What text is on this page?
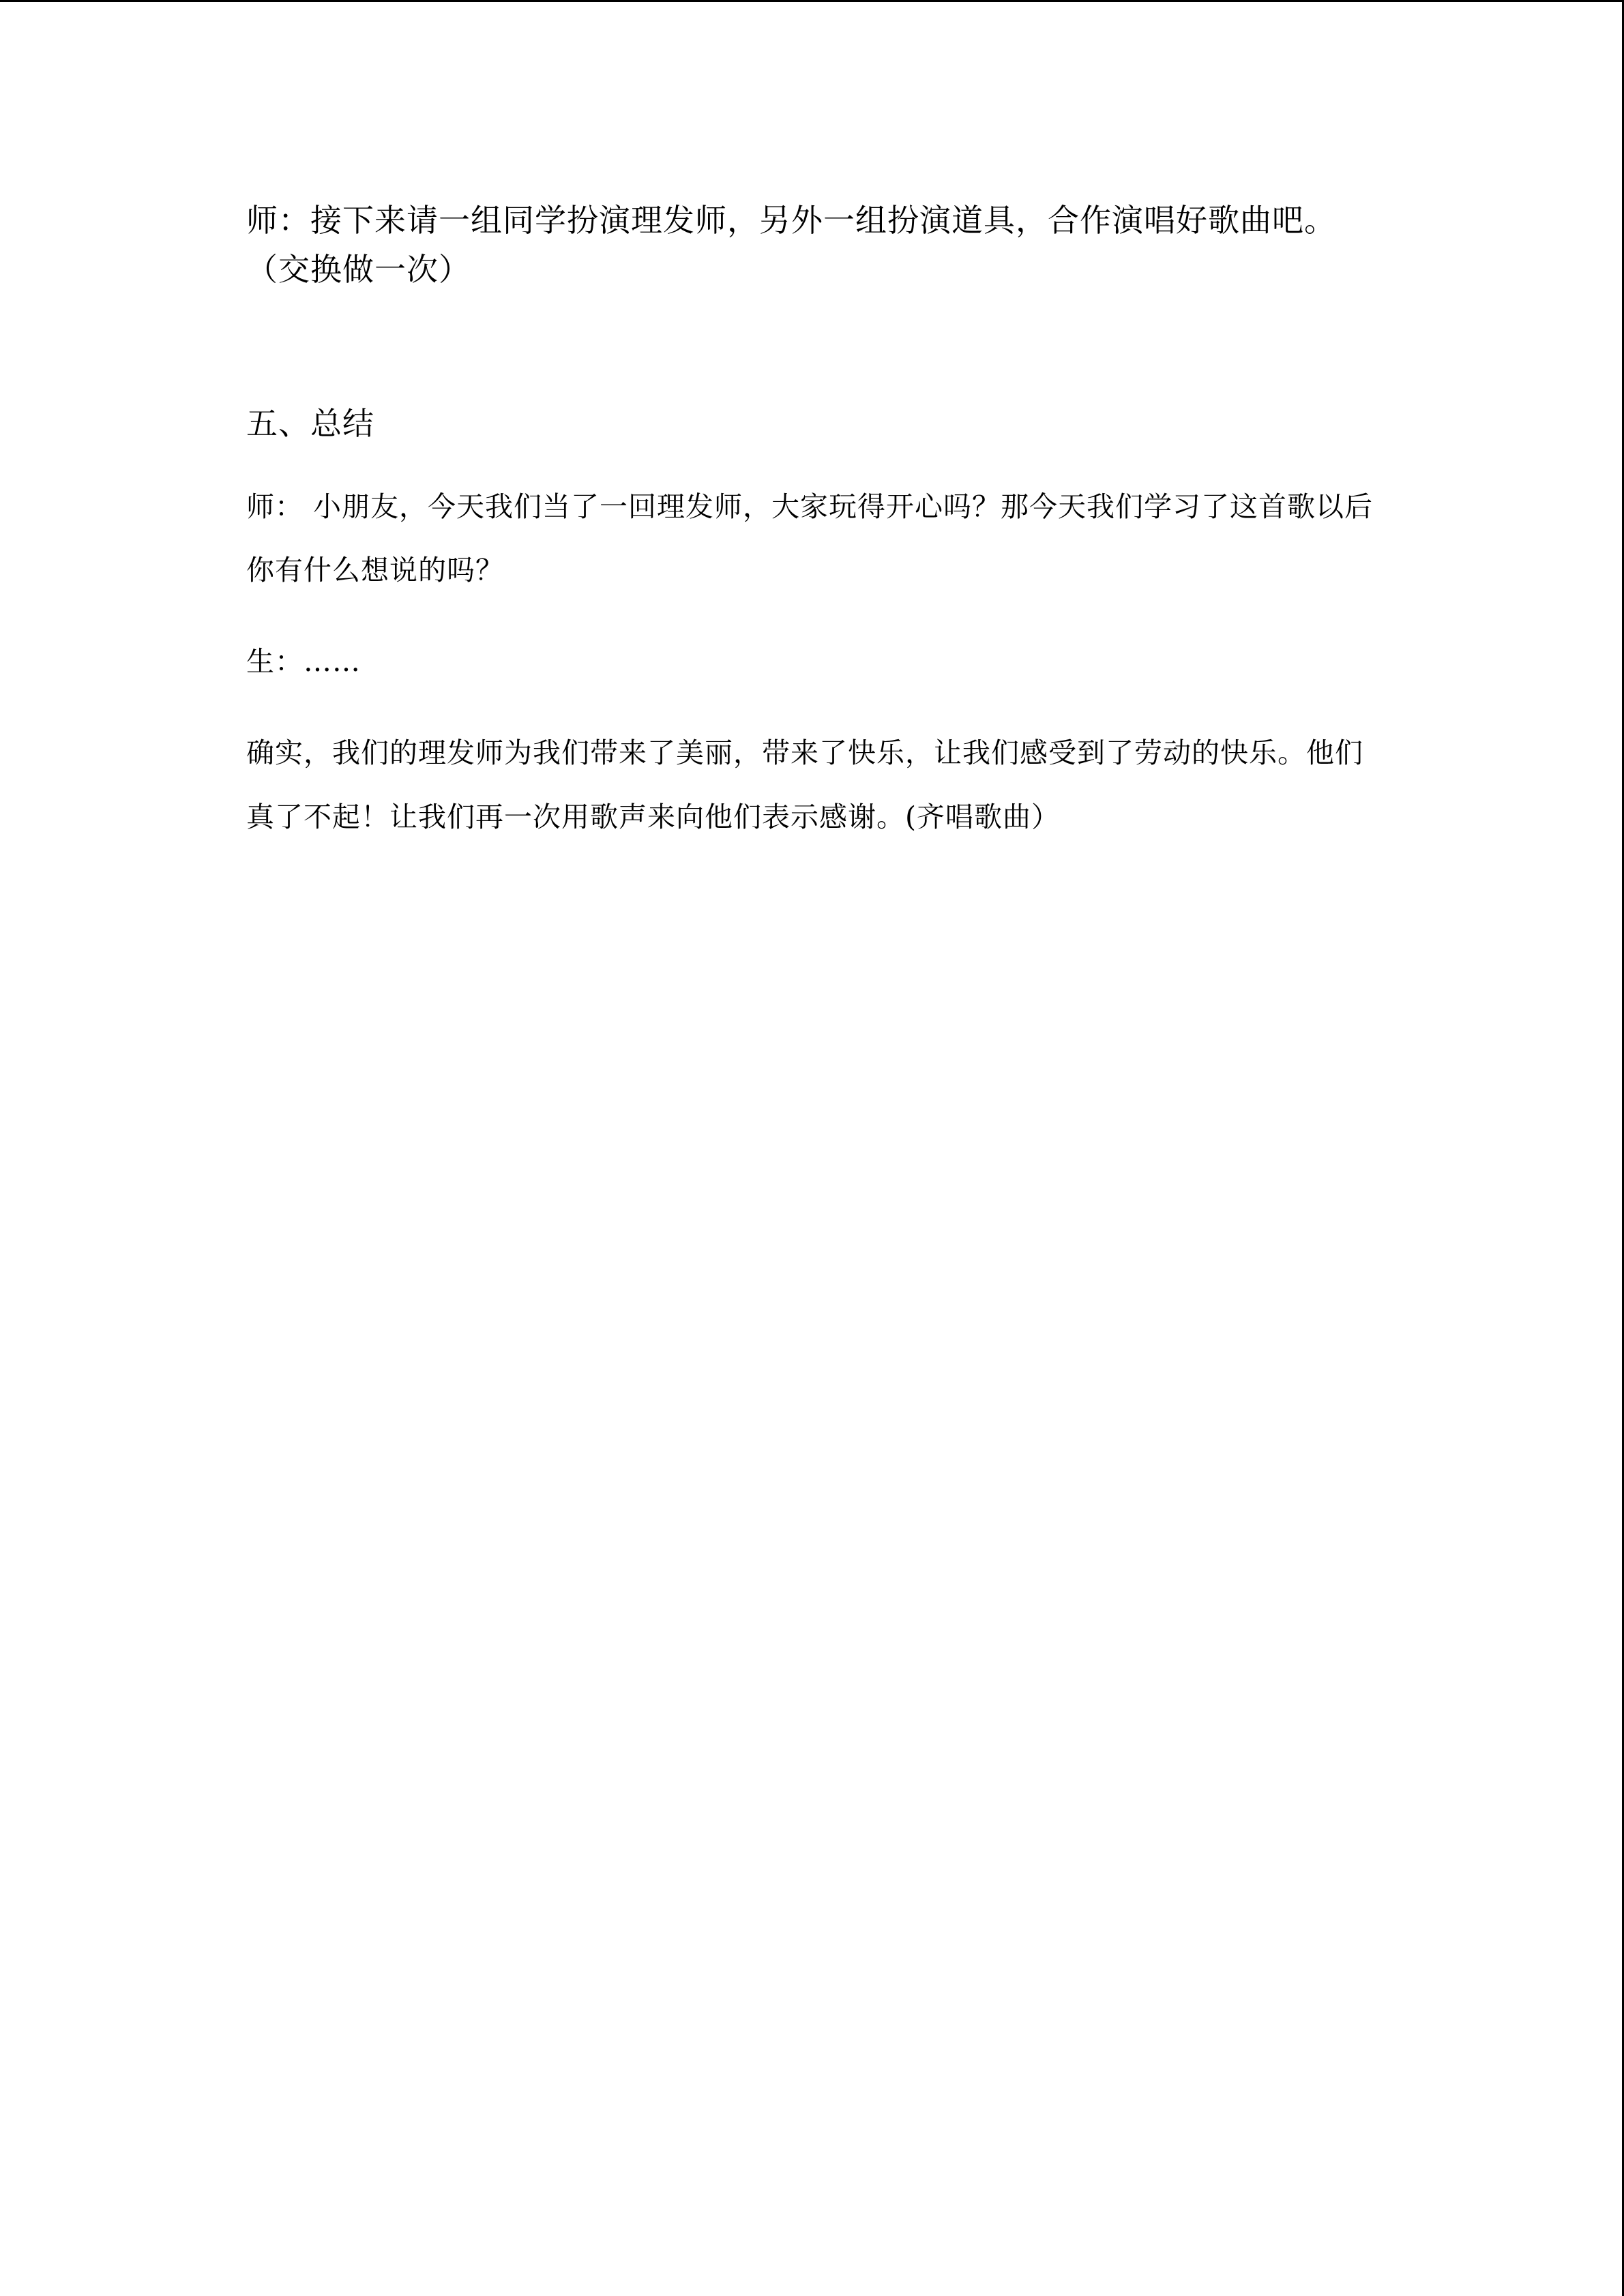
师：接下来请一组同学扮演理发师，另外一组扮演道具，合作演唱好歌曲吧。
（交换做一次）
五、总结
师： 小朋友，今天我们当了一回理发师，大家玩得开心吗？那今天我们学习了这首歌以后
你有什么想说的吗？
生：……
确实，我们的理发师为我们带来了美丽，带来了快乐，让我们感受到了劳动的快乐。他们
真了不起！让我们再一次用歌声来向他们表示感谢。(齐唱歌曲）
